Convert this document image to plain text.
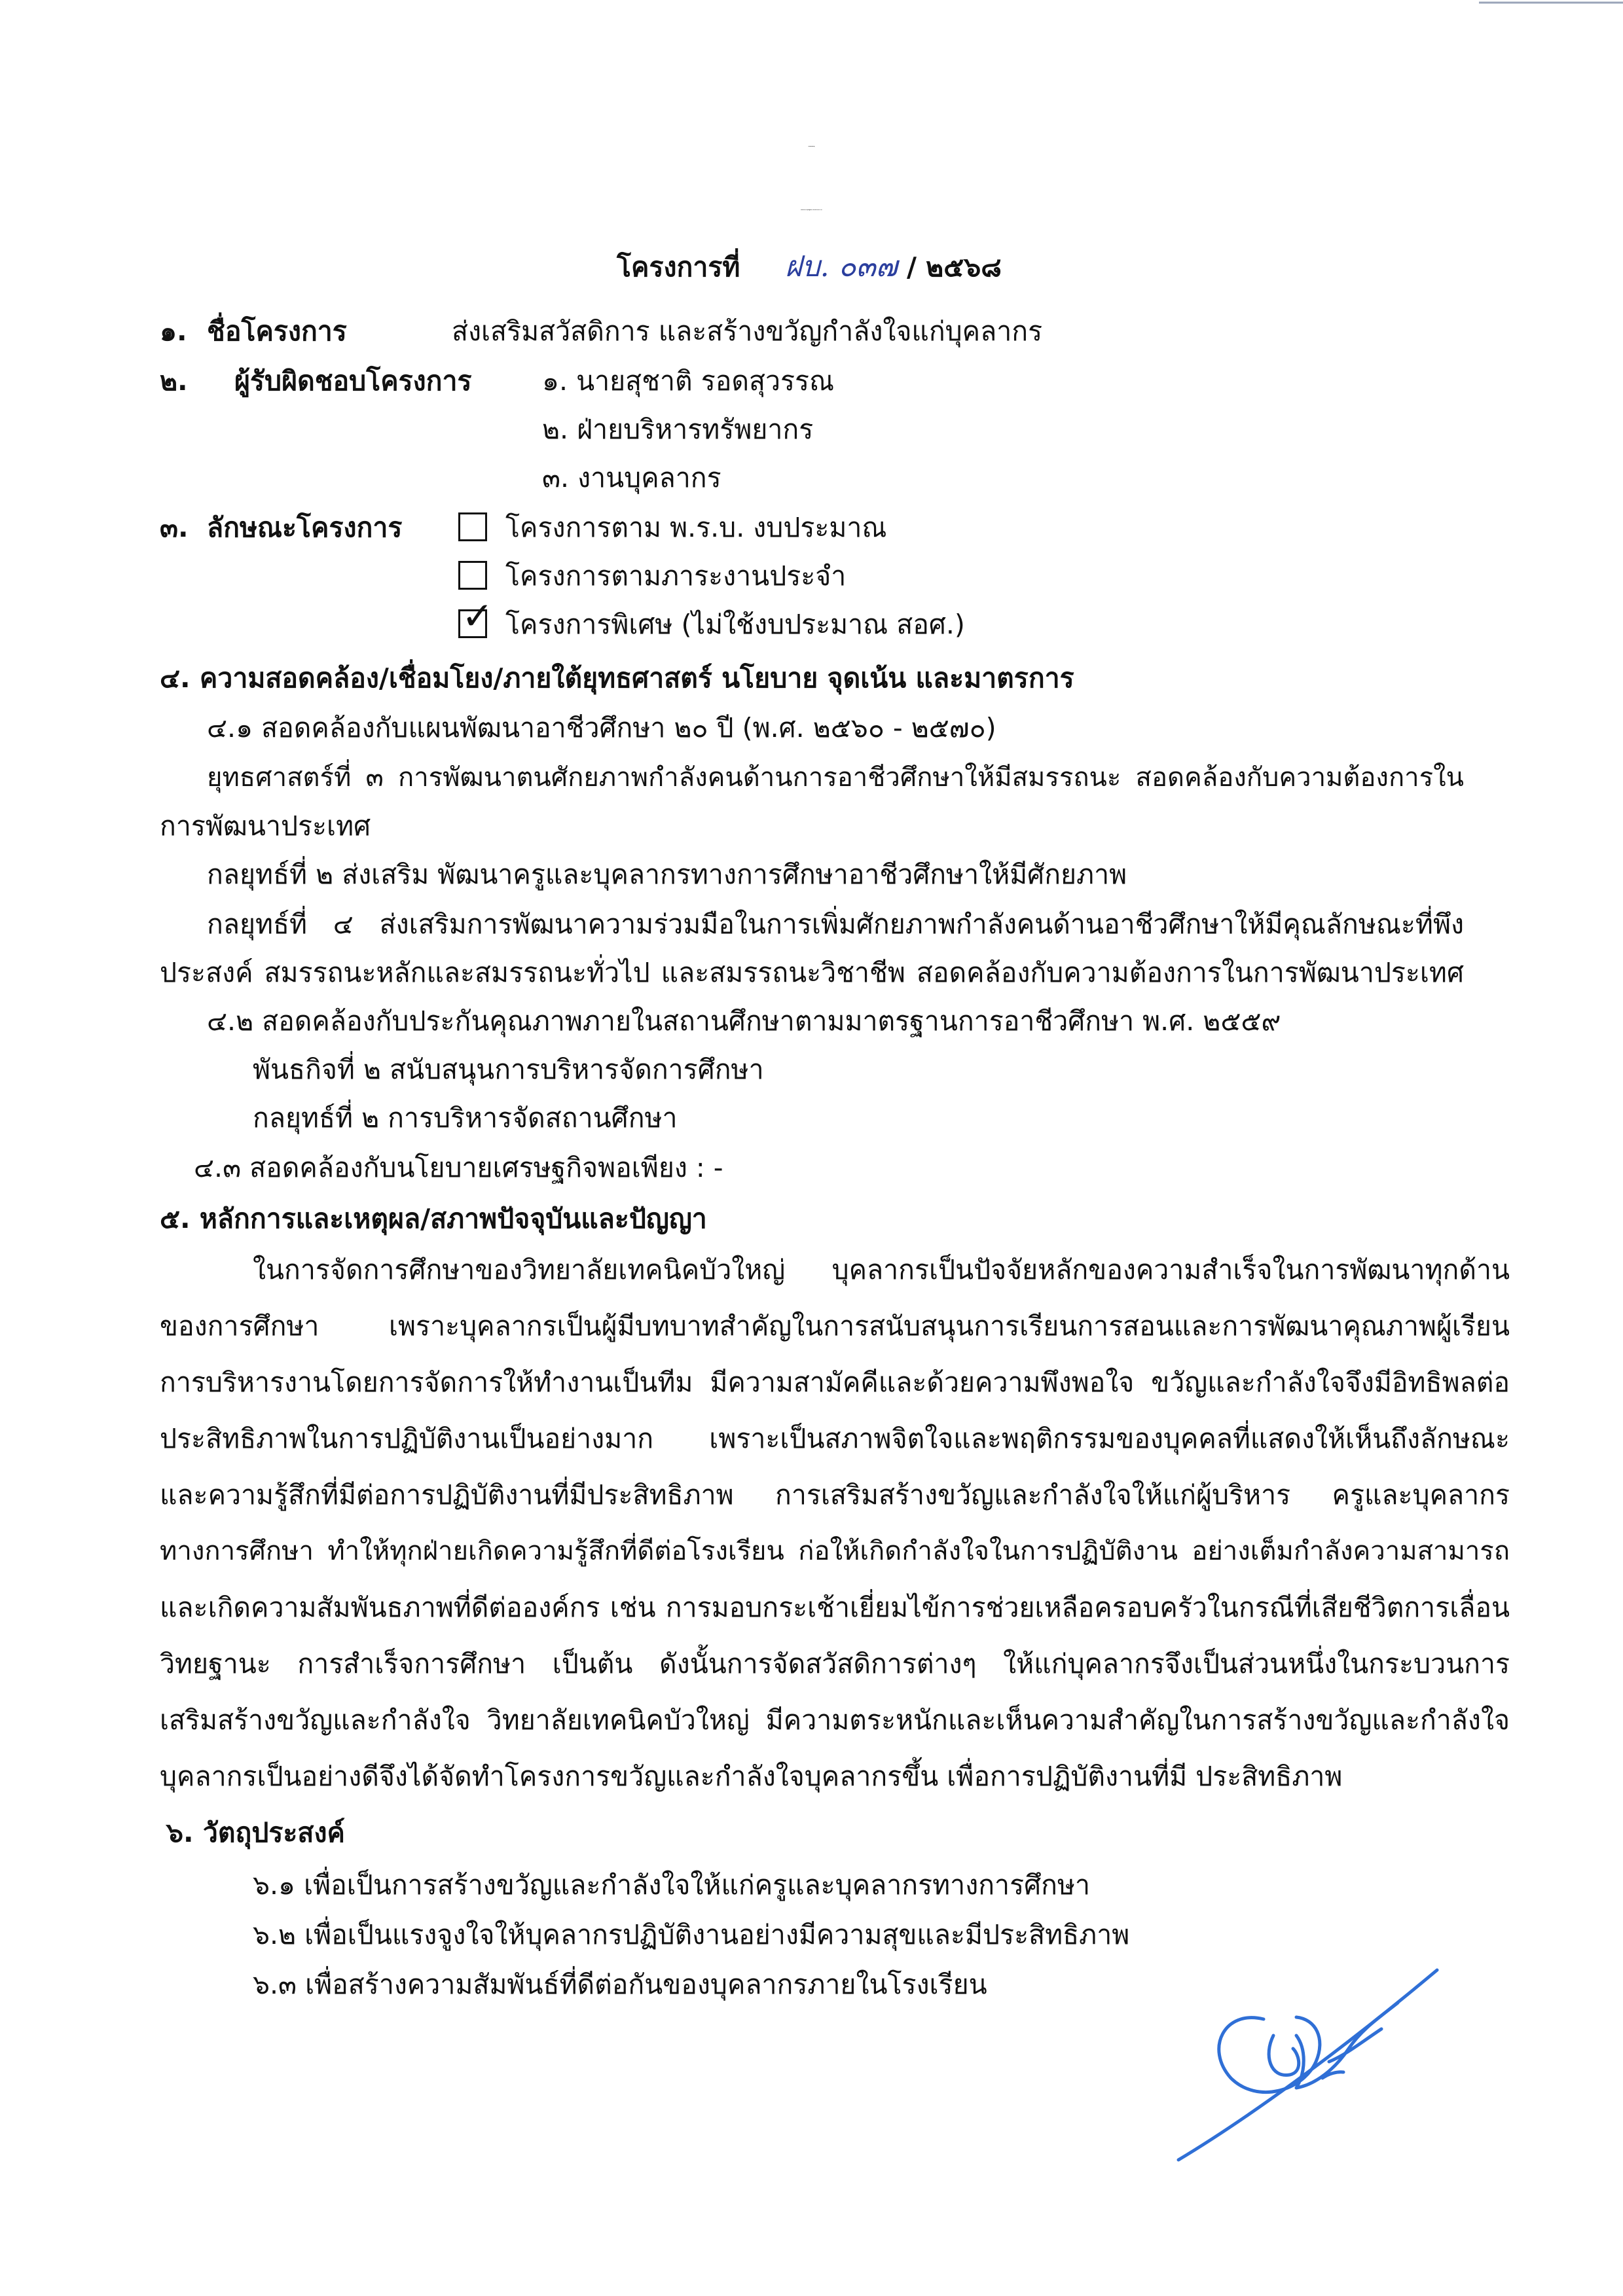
วิทยาลัยเทคนิคบัวใหญ่
แบบเสนอโครงการบรรจุแผนปฏิบัติราชการ ประจำปีงบประมาณ พ.ศ. ๒๕๖๘
โครงการที่ ฝบ. ๐๓๗ / ๒๕๖๘
๑. ชื่อโครงการ	ส่งเสริมสวัสดิการ และสร้างขวัญกำลังใจแก่บุคลากร
๒. ผู้รับผิดชอบโครงการ	๑. นายสุชาติ รอดสุวรรณ
๒. ฝ่ายบริหารทรัพยากร
๓. งานบุคลากร
๓. ลักษณะโครงการ	โครงการตาม พ.ร.บ. งบประมาณ
โครงการตามภาระงานประจำ
✓ โครงการพิเศษ (ไม่ใช้งบประมาณ สอศ.)
๔. ความสอดคล้อง/เชื่อมโยง/ภายใต้ยุทธศาสตร์ นโยบาย จุดเน้น และมาตรการ
๔.๑ สอดคล้องกับแผนพัฒนาอาชีวศึกษา ๒๐ ปี (พ.ศ. ๒๕๖๐ - ๒๕๗๐)
ยุทธศาสตร์ที่ ๓ การพัฒนาตนศักยภาพกำลังคนด้านการอาชีวศึกษาให้มีสมรรถนะ สอดคล้องกับความต้องการใน
การพัฒนาประเทศ
กลยุทธ์ที่ ๒ ส่งเสริม พัฒนาครูและบุคลากรทางการศึกษาอาชีวศึกษาให้มีศักยภาพ
กลยุทธ์ที่ ๔ ส่งเสริมการพัฒนาความร่วมมือในการเพิ่มศักยภาพกำลังคนด้านอาชีวศึกษาให้มีคุณลักษณะที่พึง
ประสงค์ สมรรถนะหลักและสมรรถนะทั่วไป และสมรรถนะวิชาชีพ สอดคล้องกับความต้องการในการพัฒนาประเทศ
๔.๒ สอดคล้องกับประกันคุณภาพภายในสถานศึกษาตามมาตรฐานการอาชีวศึกษา พ.ศ. ๒๕๕๙
พันธกิจที่ ๒ สนับสนุนการบริหารจัดการศึกษา
กลยุทธ์ที่ ๒ การบริหารจัดสถานศึกษา
๔.๓ สอดคล้องกับนโยบายเศรษฐกิจพอเพียง : -
๕. หลักการและเหตุผล/สภาพปัจจุบันและปัญญา
ในการจัดการศึกษาของวิทยาลัยเทคนิคบัวใหญ่ บุคลากรเป็นปัจจัยหลักของความสำเร็จในการพัฒนาทุกด้าน
ของการศึกษา เพราะบุคลากรเป็นผู้มีบทบาทสำคัญในการสนับสนุนการเรียนการสอนและการพัฒนาคุณภาพผู้เรียน
การบริหารงานโดยการจัดการให้ทำงานเป็นทีม มีความสามัคคีและด้วยความพึงพอใจ ขวัญและกำลังใจจึงมีอิทธิพลต่อ
ประสิทธิภาพในการปฏิบัติงานเป็นอย่างมาก เพราะเป็นสภาพจิตใจและพฤติกรรมของบุคคลที่แสดงให้เห็นถึงลักษณะ
และความรู้สึกที่มีต่อการปฏิบัติงานที่มีประสิทธิภาพ การเสริมสร้างขวัญและกำลังใจให้แก่ผู้บริหาร ครูและบุคลากร
ทางการศึกษา ทำให้ทุกฝ่ายเกิดความรู้สึกที่ดีต่อโรงเรียน ก่อให้เกิดกำลังใจในการปฏิบัติงาน อย่างเต็มกำลังความสามารถ
และเกิดความสัมพันธภาพที่ดีต่อองค์กร เช่น การมอบกระเช้าเยี่ยมไข้การช่วยเหลือครอบครัวในกรณีที่เสียชีวิตการเลื่อน
วิทยฐานะ การสำเร็จการศึกษา เป็นต้น ดังนั้นการจัดสวัสดิการต่างๆ ให้แก่บุคลากรจึงเป็นส่วนหนึ่งในกระบวนการ
เสริมสร้างขวัญและกำลังใจ วิทยาลัยเทคนิคบัวใหญ่ มีความตระหนักและเห็นความสำคัญในการสร้างขวัญและกำลังใจ
บุคลากรเป็นอย่างดีจึงได้จัดทำโครงการขวัญและกำลังใจบุคลากรขึ้น เพื่อการปฏิบัติงานที่มี ประสิทธิภาพ
๖. วัตถุประสงค์
๖.๑ เพื่อเป็นการสร้างขวัญและกำลังใจให้แก่ครูและบุคลากรทางการศึกษา
๖.๒ เพื่อเป็นแรงจูงใจให้บุคลากรปฏิบัติงานอย่างมีความสุขและมีประสิทธิภาพ
๖.๓ เพื่อสร้างความสัมพันธ์ที่ดีต่อกันของบุคลากรภายในโรงเรียน
